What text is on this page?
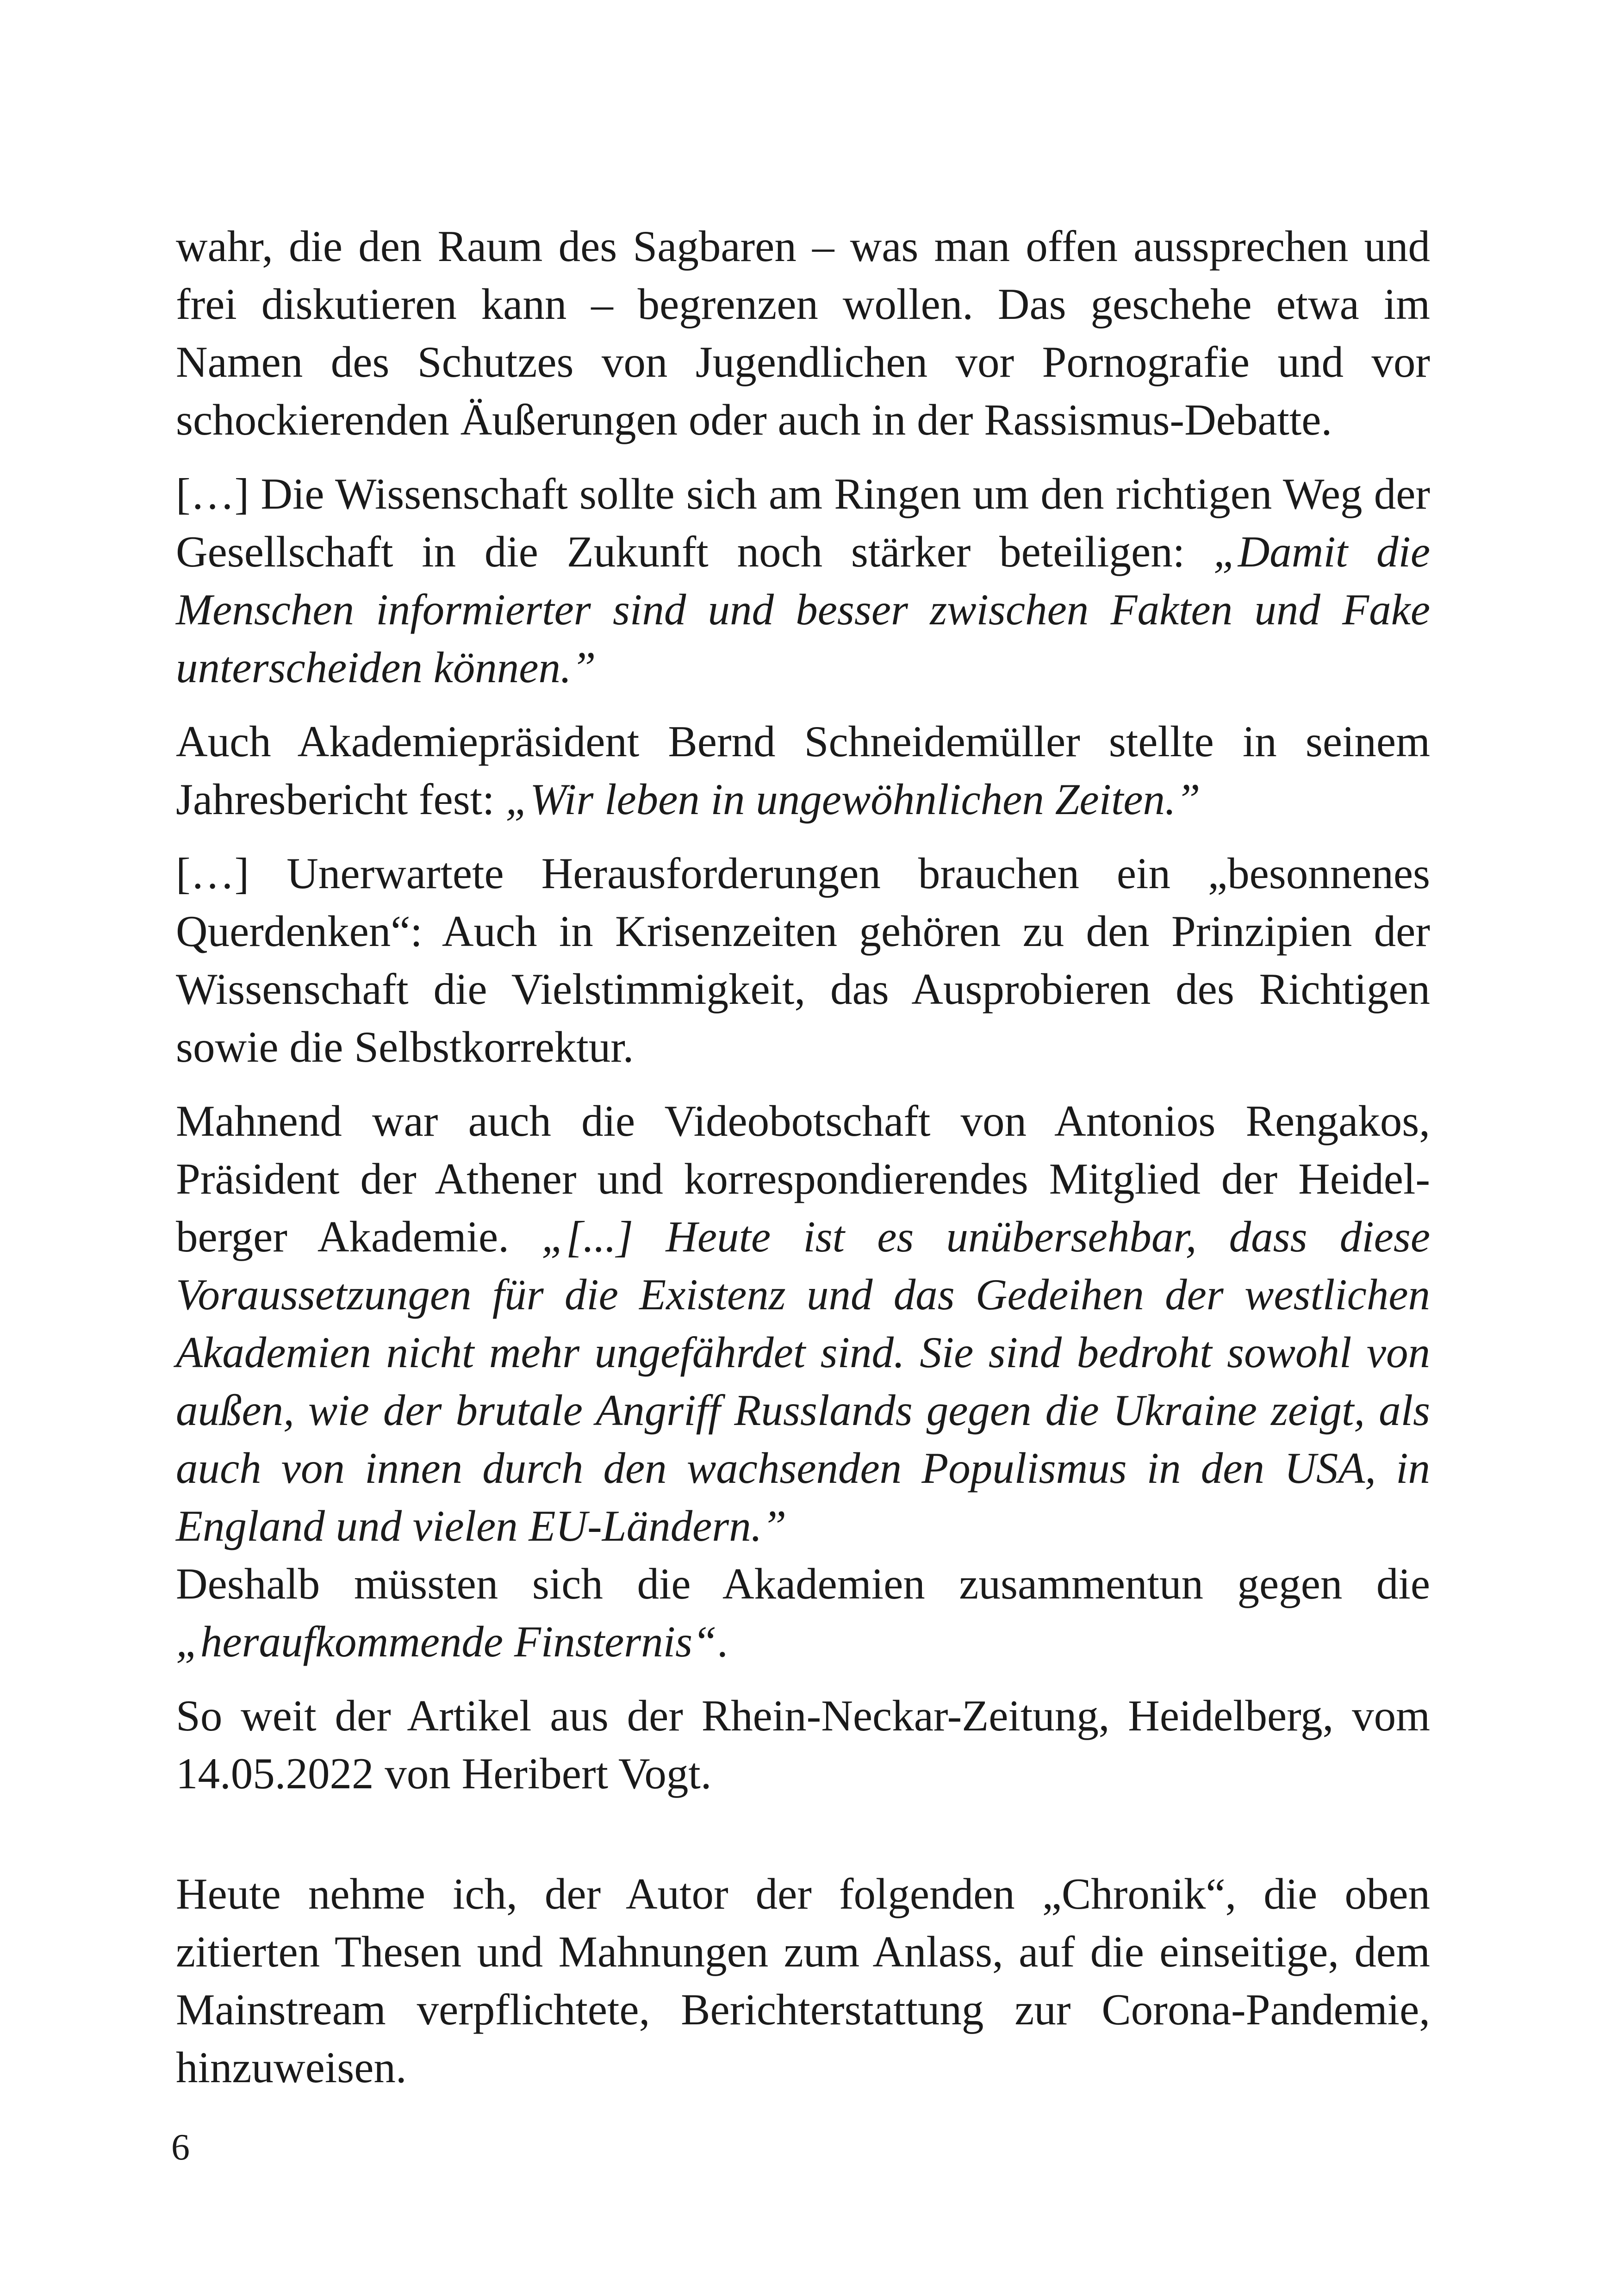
wahr, die den Raum des Sagbaren – was man offen aussprechen und frei diskutieren kann – begrenzen wollen. Das geschehe etwa im Namen des Schutzes von Jugendlichen vor Pornografie und vor schockierenden Äußerungen oder auch in der Rassismus-Debatte.

[…] Die Wissenschaft sollte sich am Ringen um den richtigen Weg der Gesellschaft in die Zukunft noch stärker beteiligen: „Damit die Menschen informierter sind und besser zwischen Fakten und Fake unterscheiden können.”

Auch Akademiepräsident Bernd Schneidemüller stellte in seinem Jahresbericht fest: „Wir leben in ungewöhnlichen Zeiten.”

[…] Unerwartete Herausforderungen brauchen ein „besonnenes Querdenken“: Auch in Krisenzeiten gehören zu den Prinzipien der Wissenschaft die Vielstimmigkeit, das Ausprobieren des Richtigen sowie die Selbstkorrektur.

Mahnend war auch die Videobotschaft von Antonios Rengakos, Präsident der Athener und korrespondierendes Mitglied der Heidelberger Akademie. „[...] Heute ist es unübersehbar, dass diese Voraussetzungen für die Existenz und das Gedeihen der westlichen Akademien nicht mehr ungefährdet sind. Sie sind bedroht sowohl von außen, wie der brutale Angriff Russlands gegen die Ukraine zeigt, als auch von innen durch den wachsenden Populismus in den USA, in England und vielen EU-Ländern.”

Deshalb müssten sich die Akademien zusammentun gegen die „heraufkommende Finsternis“.

So weit der Artikel aus der Rhein-Neckar-Zeitung, Heidelberg, vom 14.05.2022 von Heribert Vogt.

Heute nehme ich, der Autor der folgenden „Chronik“, die oben zitierten Thesen und Mahnungen zum Anlass, auf die einseitige, dem Mainstream verpflichtete, Berichterstattung zur Corona-Pandemie, hinzuweisen.

6
